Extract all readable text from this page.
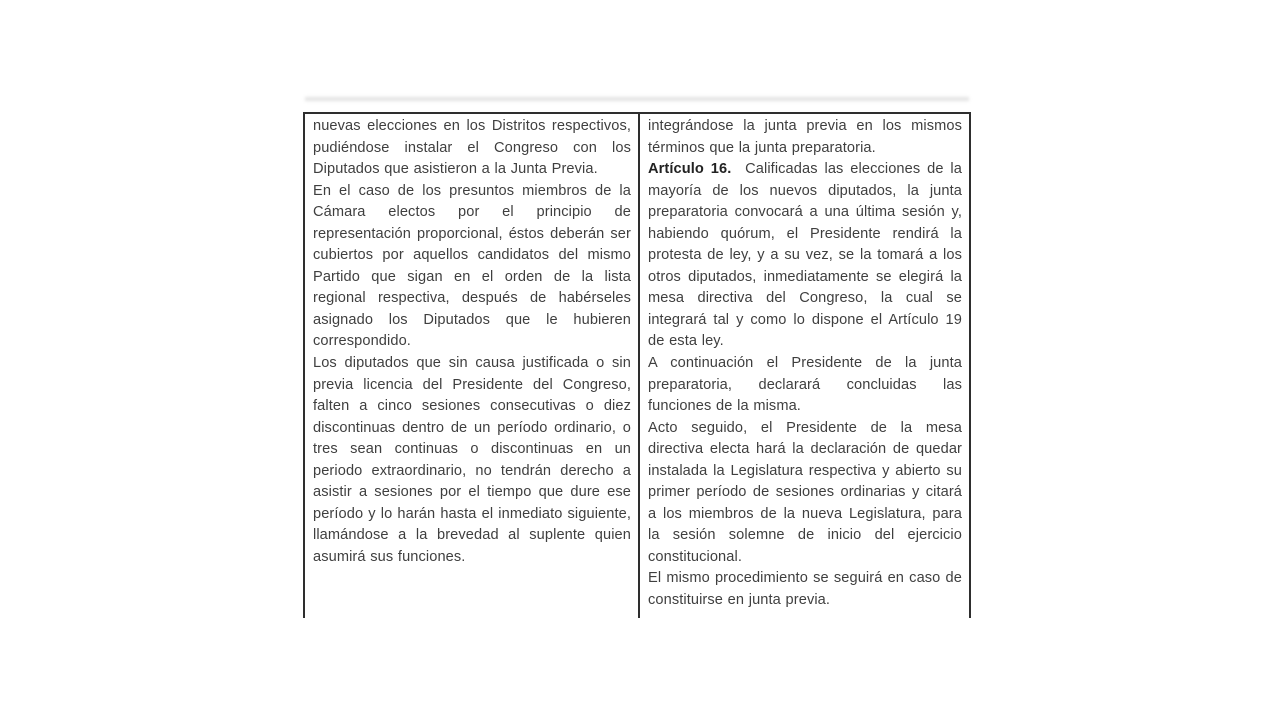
nuevas elecciones en los Distritos respectivos, pudiéndose instalar el Congreso con los Diputados que asistieron a la Junta Previa.

En el caso de los presuntos miembros de la Cámara electos por el principio de representación proporcional, éstos deberán ser cubiertos por aquellos candidatos del mismo Partido que sigan en el orden de la lista regional respectiva, después de habérseles asignado los Diputados que le hubieren correspondido.

Los diputados que sin causa justificada o sin previa licencia del Presidente del Congreso, falten a cinco sesiones consecutivas o diez discontinuas dentro de un período ordinario, o tres sean continuas o discontinuas en un periodo extraordinario, no tendrán derecho a asistir a sesiones por el tiempo que dure ese período y lo harán hasta el inmediato siguiente, llamándose a la brevedad al suplente quien asumirá sus funciones.

integrándose la junta previa en los mismos términos que la junta preparatoria.

Artículo 16. Calificadas las elecciones de la mayoría de los nuevos diputados, la junta preparatoria convocará a una última sesión y, habiendo quórum, el Presidente rendirá la protesta de ley, y a su vez, se la tomará a los otros diputados, inmediatamente se elegirá la mesa directiva del Congreso, la cual se integrará tal y como lo dispone el Artículo 19 de esta ley.

A continuación el Presidente de la junta preparatoria, declarará concluidas las funciones de la misma.

Acto seguido, el Presidente de la mesa directiva electa hará la declaración de quedar instalada la Legislatura respectiva y abierto su primer período de sesiones ordinarias y citará a los miembros de la nueva Legislatura, para la sesión solemne de inicio del ejercicio constitucional.

El mismo procedimiento se seguirá en caso de constituirse en junta previa.
